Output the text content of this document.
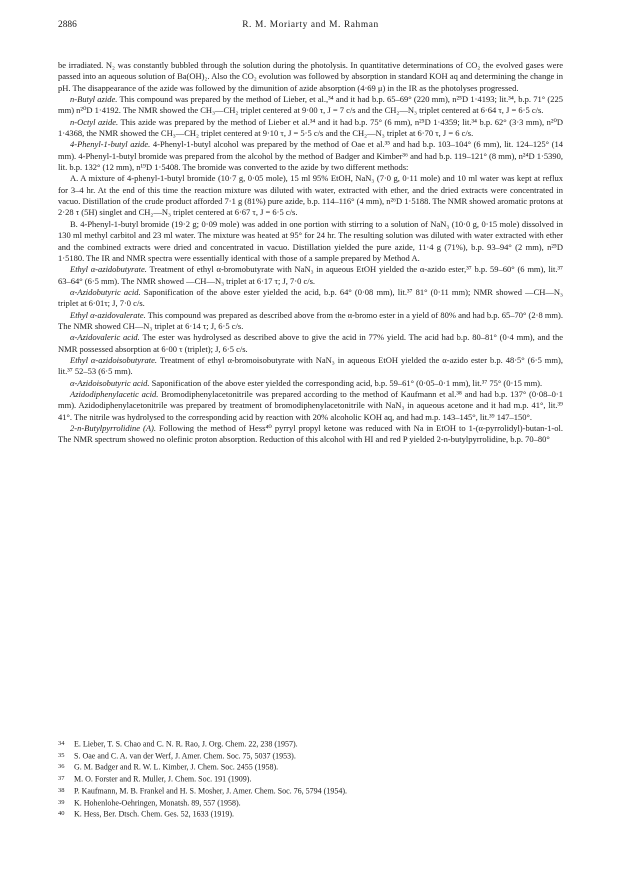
2886	R. M. Moriarty and M. Rahman

be irradiated. N₂ was constantly bubbled through the solution during the photolysis. In quantitative determinations of CO₂ the evolved gases were passed into an aqueous solution of Ba(OH)₂. Also the CO₂ evolution was followed by absorption in standard KOH aq and determining the change in pH. The disappearance of the azide was followed by the dimunition of azide absorption (4·69 μ) in the IR as the photolyses progressed.

n-Butyl azide. This compound was prepared by the method of Lieber, et al.,³⁴ and it had b.p. 65–69° (220 mm), n²⁵D 1·4193; lit.³⁴, b.p. 71° (225 mm) n²⁰D 1·4192. The NMR showed the CH₃—CH₂ triplet centered at 9·00 τ, J = 7 c/s and the CH₂—N₃ triplet centered at 6·64 τ, J = 6·5 c/s.

n-Octyl azide. This azide was prepared by the method of Lieber et al.³⁴ and it had b.p. 75° (6 mm), n²⁵D 1·4359; lit.³⁴ b.p. 62° (3·3 mm), n²⁰D 1·4368, the NMR showed the CH₃—CH₂ triplet centered at 9·10 τ, J = 5·5 c/s and the CH₂—N₃ triplet at 6·70 τ, J = 6 c/s.

4-Phenyl-1-butyl azide. 4-Phenyl-1-butyl alcohol was prepared by the method of Oae et al.³⁵ and had b.p. 103–104° (6 mm), lit. 124–125° (14 mm). 4-Phenyl-1-butyl bromide was prepared from the alcohol by the method of Badger and Kimber³⁶ and had b.p. 119–121° (8 mm), n²⁴D 1·5390, lit. b.p. 132° (12 mm), n¹⁹D 1·5408. The bromide was converted to the azide by two different methods:

A. A mixture of 4-phenyl-1-butyl bromide (10·7 g, 0·05 mole), 15 ml 95% EtOH, NaN₃ (7·0 g, 0·11 mole) and 10 ml water was kept at reflux for 3–4 hr. At the end of this time the reaction mixture was diluted with water, extracted with ether, and the dried extracts were concentrated in vacuo. Distillation of the crude product afforded 7·1 g (81%) pure azide, b.p. 114–116° (4 mm), n²⁶D 1·5188. The NMR showed aromatic protons at 2·28 τ (5H) singlet and CH₂—N₃ triplet centered at 6·67 τ, J = 6·5 c/s.

B. 4-Phenyl-1-butyl bromide (19·2 g; 0·09 mole) was added in one portion with stirring to a solution of NaN₃ (10·0 g, 0·15 mole) dissolved in 130 ml methyl carbitol and 23 ml water. The mixture was heated at 95° for 24 hr. The resulting solution was diluted with water extracted with ether and the combined extracts were dried and concentrated in vacuo. Distillation yielded the pure azide, 11·4 g (71%), b.p. 93–94° (2 mm), n²⁵D 1·5180. The IR and NMR spectra were essentially identical with those of a sample prepared by Method A.

Ethyl α-azidobutyrate. Treatment of ethyl α-bromobutyrate with NaN₃ in aqueous EtOH yielded the α-azido ester,³⁷ b.p. 59–60° (6 mm), lit.³⁷ 63–64° (6·5 mm). The NMR showed —CH—N₃ triplet at 6·17 τ; J, 7·0 c/s.

α-Azidobutyric acid. Saponification of the above ester yielded the acid, b.p. 64° (0·08 mm), lit.³⁷ 81° (0·11 mm); NMR showed —CH—N₃ triplet at 6·01τ; J, 7·0 c/s.

Ethyl α-azidovalerate. This compound was prepared as described above from the α-bromo ester in a yield of 80% and had b.p. 65–70° (2·8 mm). The NMR showed CH—N₃ triplet at 6·14 τ; J, 6·5 c/s.

α-Azidovaleric acid. The ester was hydrolysed as described above to give the acid in 77% yield. The acid had b.p. 80–81° (0·4 mm), and the NMR possessed absorption at 6·00 τ (triplet); J, 6·5 c/s.

Ethyl α-azidoisobutyrate. Treatment of ethyl α-bromoisobutyrate with NaN₃ in aqueous EtOH yielded the α-azido ester b.p. 48·5° (6·5 mm), lit.³⁷ 52–53 (6·5 mm).

α-Azidoisobutyric acid. Saponification of the above ester yielded the corresponding acid, b.p. 59–61° (0·05–0·1 mm), lit.³⁷ 75° (0·15 mm).

Azidodiphenylacetic acid. Bromodiphenylacetonitrile was prepared according to the method of Kaufmann et al.³⁸ and had b.p. 137° (0·08–0·1 mm). Azidodiphenylacetonitrile was prepared by treatment of bromodiphenylacetonitrile with NaN₃ in aqueous acetone and it had m.p. 41°, lit.³⁹ 41°. The nitrile was hydrolysed to the corresponding acid by reaction with 20% alcoholic KOH aq, and had m.p. 143–145°, lit.³⁹ 147–150°.

2-n-Butylpyrrolidine (A). Following the method of Hess⁴⁰ pyrryl propyl ketone was reduced with Na in EtOH to 1-(α-pyrrolidyl)-butan-1-ol. The NMR spectrum showed no olefinic proton absorption. Reduction of this alcohol with HI and red P yielded 2-n-butylpyrrolidine, b.p. 70–80°

34 E. Lieber, T. S. Chao and C. N. R. Rao, J. Org. Chem. 22, 238 (1957).
35 S. Oae and C. A. van der Werf, J. Amer. Chem. Soc. 75, 5037 (1953).
36 G. M. Badger and R. W. L. Kimber, J. Chem. Soc. 2455 (1958).
37 M. O. Forster and R. Muller, J. Chem. Soc. 191 (1909).
38 P. Kaufmann, M. B. Frankel and H. S. Mosher, J. Amer. Chem. Soc. 76, 5794 (1954).
39 K. Hohenlohe-Oehringen, Monatsh. 89, 557 (1958).
40 K. Hess, Ber. Dtsch. Chem. Ges. 52, 1633 (1919).
